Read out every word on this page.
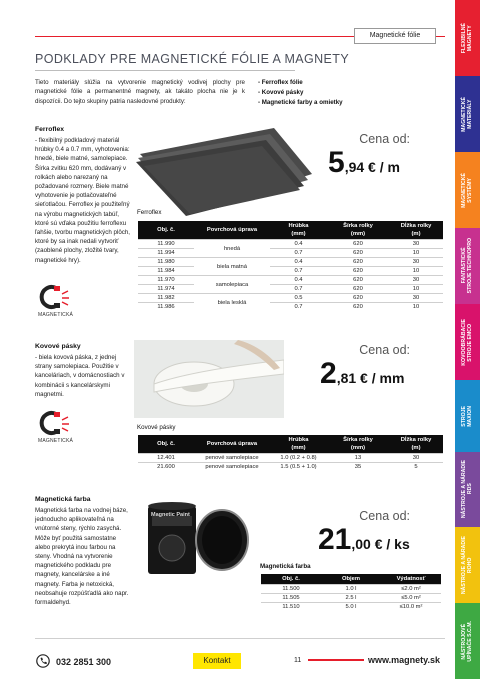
FLEXIBILNÉ
MAGNETY
MAGNETICKÉ
MATERIÁLY
MAGNETICKÉ
SYSTÉMY
FANTASTICKÉ
STROJE TECHNOPRO
KOVOOBRÁBACIE
STROJE EMCO
STROJE
MAXION
NÁSTROJE A NÁRADIE
RDS
NÁSTROJE A NÁRADIE
ROHO
NÁSTROJOVÉ
UPÍNAČE S.C.M.
Magnetické fólie
PODKLADY PRE MAGNETICKÉ FÓLIE A MAGNETY
Tieto materiály slúžia na vytvorenie magnetický vodivej plochy pre magnetické fólie a permanentné magnety, ak takáto plocha nie je k dispozícii. Do tejto skupiny patria nasledovné produkty:
- Ferroflex fólie
- Kovové pásky
- Magnetické farby a omietky
Ferroflex
- flexibilný podkladový materiál hrúbky 0.4 a 0.7 mm, vyhotovenia: hnedé, biele matné, samolepiace. Šírka zvitku 620 mm, dodávaný v rolkách alebo narezaný na požadované rozmery. Biele matné vyhotovenie je potlačovateľné sieťotlačou. Ferroflex je použiteľný na výrobu magnetických tabúľ, ktoré sú vďaka použitiu ferroflexu ľahšie, tvorbu magnetických plôch, ktoré by sa inak nedali vytvoriť (zaoblené plochy, zložité tvary, magnetické hry).
Cena od:
5,94 € / m
Ferroflex
Obj. č.	Povrchová úprava	Hrúbka
(mm)	Šírka rolky
(mm)	Dĺžka rolky
(m)
11.990	hnedá	0.4	620	30
11.994		0.7	620	10
11.980	biela matná	0.4	620	30
11.984		0.7	620	10
11.970	samolepiaca	0.4	620	30
11.974		0.7	620	10
11.982	biela lesklá	0.5	620	30
11.986		0.7	620	10
MAGNETICKÁ
Kovové pásky
- biela kovová páska, z jednej strany samolepiaca. Použitie v kanceláriach, v domácnostiach v kombinácii s kancelárskymi magnetmi.
Cena od:
2,81 € / mm
Kovové pásky
Obj. č.	Povrchová úprava	Hrúbka
(mm)	Šírka rolky
(mm)	Dĺžka rolky
(m)
12.401	penové samolepiace	1.0 (0.2 + 0.8)	13	30
21.600	penové samolepiace	1.5 (0.5 + 1.0)	35	5
MAGNETICKÁ
Magnetická farba
Magnetická farba na vodnej báze, jednoducho aplikovateľná na vnútorné steny, rýchlo zasychá. Môže byť použitá samostatne alebo prekrytá inou farbou na steny. Vhodná na vytvorenie magnetického podkladu pre magnety, kancelárske a iné magnety. Farba je netoxická, neobsahuje rozpúšťadlá ako napr. formaldehyd.
Magnetic Paint	Cena od:
21,00 € / ks
Magnetická farba
Obj. č.	Objem	Výdatnosť
11.500	1.0 l	≤2.0 m²
11.505	2.5 l	≤5.0 m²
11.510	5.0 l	≤10.0 m²
032 2851 300	Kontakt	11	www.magnety.sk
